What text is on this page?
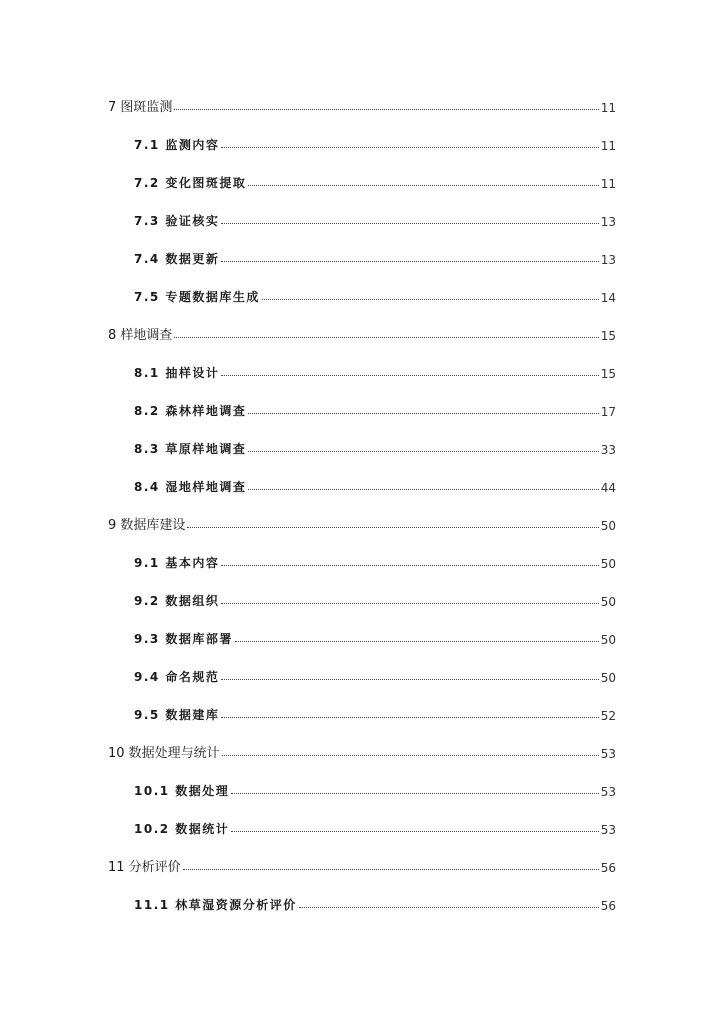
7 图斑监测	11
7.1 监测内容	11
7.2 变化图斑提取	11
7.3 验证核实	13
7.4 数据更新	13
7.5 专题数据库生成	14
8 样地调查	15
8.1 抽样设计	15
8.2 森林样地调查	17
8.3 草原样地调查	33
8.4 湿地样地调查	44
9 数据库建设	50
9.1 基本内容	50
9.2 数据组织	50
9.3 数据库部署	50
9.4 命名规范	50
9.5 数据建库	52
10 数据处理与统计	53
10.1 数据处理	53
10.2 数据统计	53
11 分析评价	56
11.1 林草湿资源分析评价	56
